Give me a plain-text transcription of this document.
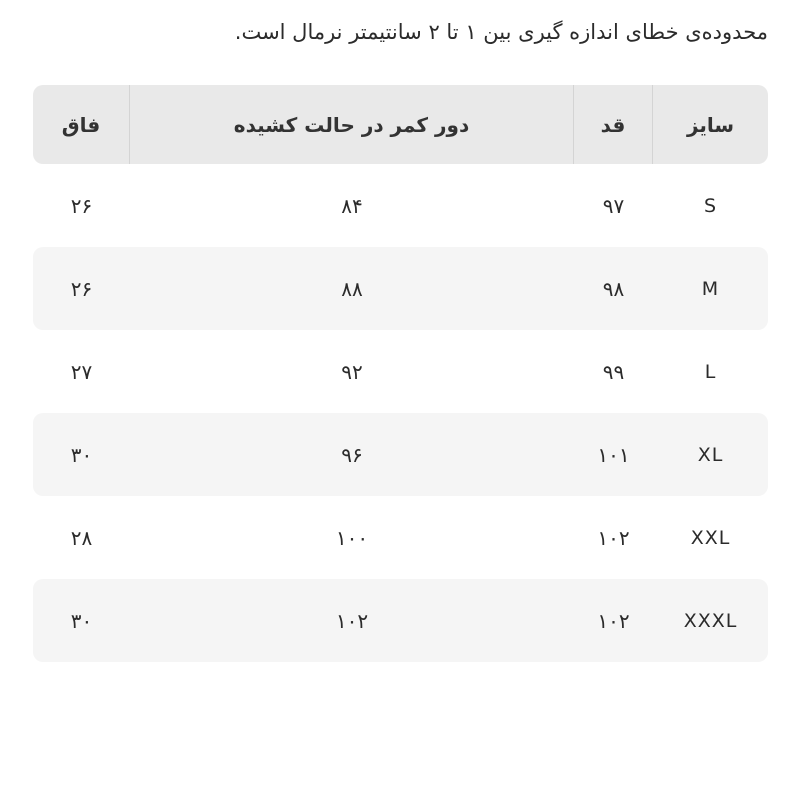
محدوده‌ی خطای اندازه گیری بین ۱ تا ۲ سانتیمتر نرمال است.
سایز
قد
دور کمر در حالت کشیده
فاق
S
۹۷
۸۴
۲۶
M
۹۸
۸۸
۲۶
L
۹۹
۹۲
۲۷
XL
۱۰۱
۹۶
۳۰
XXL
۱۰۲
۱۰۰
۲۸
XXXL
۱۰۲
۱۰۲
۳۰
